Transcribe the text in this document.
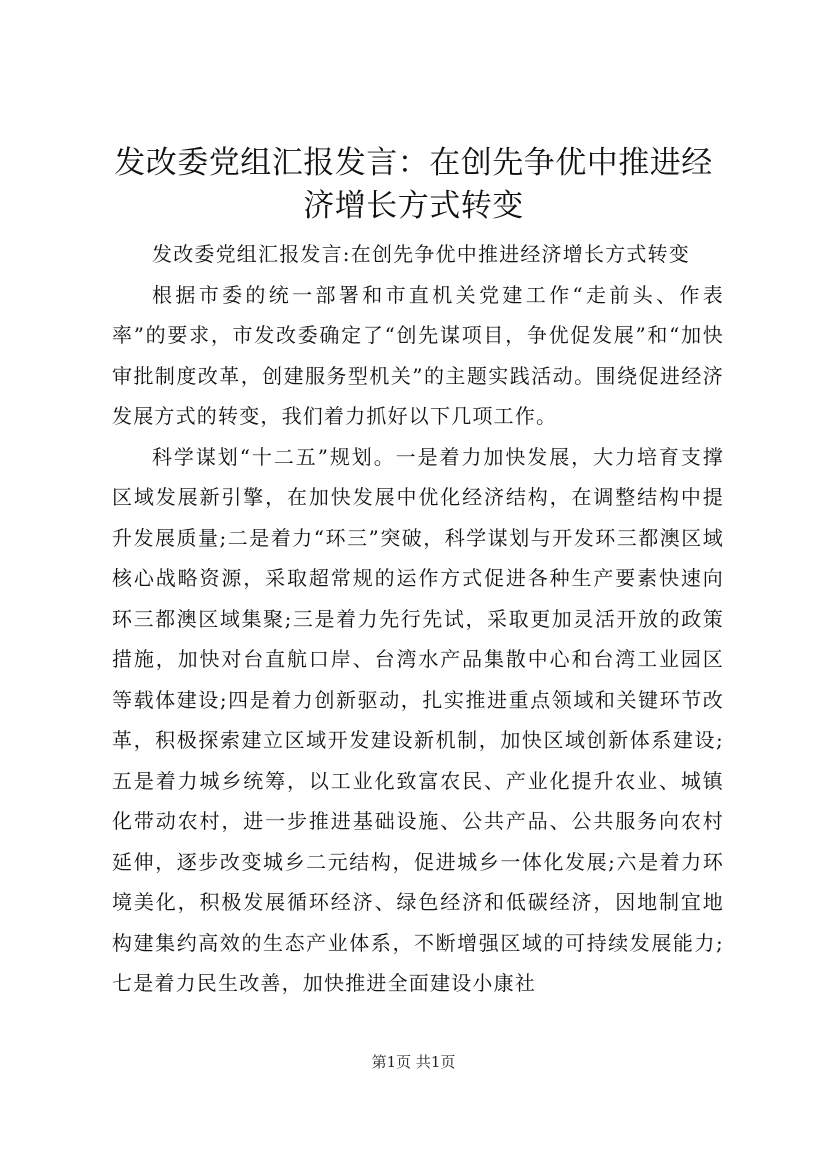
发改委党组汇报发言：在创先争优中推进经济增长方式转变

发改委党组汇报发言:在创先争优中推进经济增长方式转变

根据市委的统一部署和市直机关党建工作“走前头、作表率”的要求，市发改委确定了“创先谋项目，争优促发展”和“加快审批制度改革，创建服务型机关”的主题实践活动。围绕促进经济发展方式的转变，我们着力抓好以下几项工作。

科学谋划“十二五”规划。一是着力加快发展，大力培育支撑区域发展新引擎，在加快发展中优化经济结构，在调整结构中提升发展质量;二是着力“环三”突破，科学谋划与开发环三都澳区域核心战略资源，采取超常规的运作方式促进各种生产要素快速向环三都澳区域集聚;三是着力先行先试，采取更加灵活开放的政策措施，加快对台直航口岸、台湾水产品集散中心和台湾工业园区等载体建设;四是着力创新驱动，扎实推进重点领域和关键环节改革，积极探索建立区域开发建设新机制，加快区域创新体系建设;五是着力城乡统筹，以工业化致富农民、产业化提升农业、城镇化带动农村，进一步推进基础设施、公共产品、公共服务向农村延伸，逐步改变城乡二元结构，促进城乡一体化发展;六是着力环境美化，积极发展循环经济、绿色经济和低碳经济，因地制宜地构建集约高效的生态产业体系，不断增强区域的可持续发展能力;七是着力民生改善，加快推进全面建设小康社

第1页 共1页
